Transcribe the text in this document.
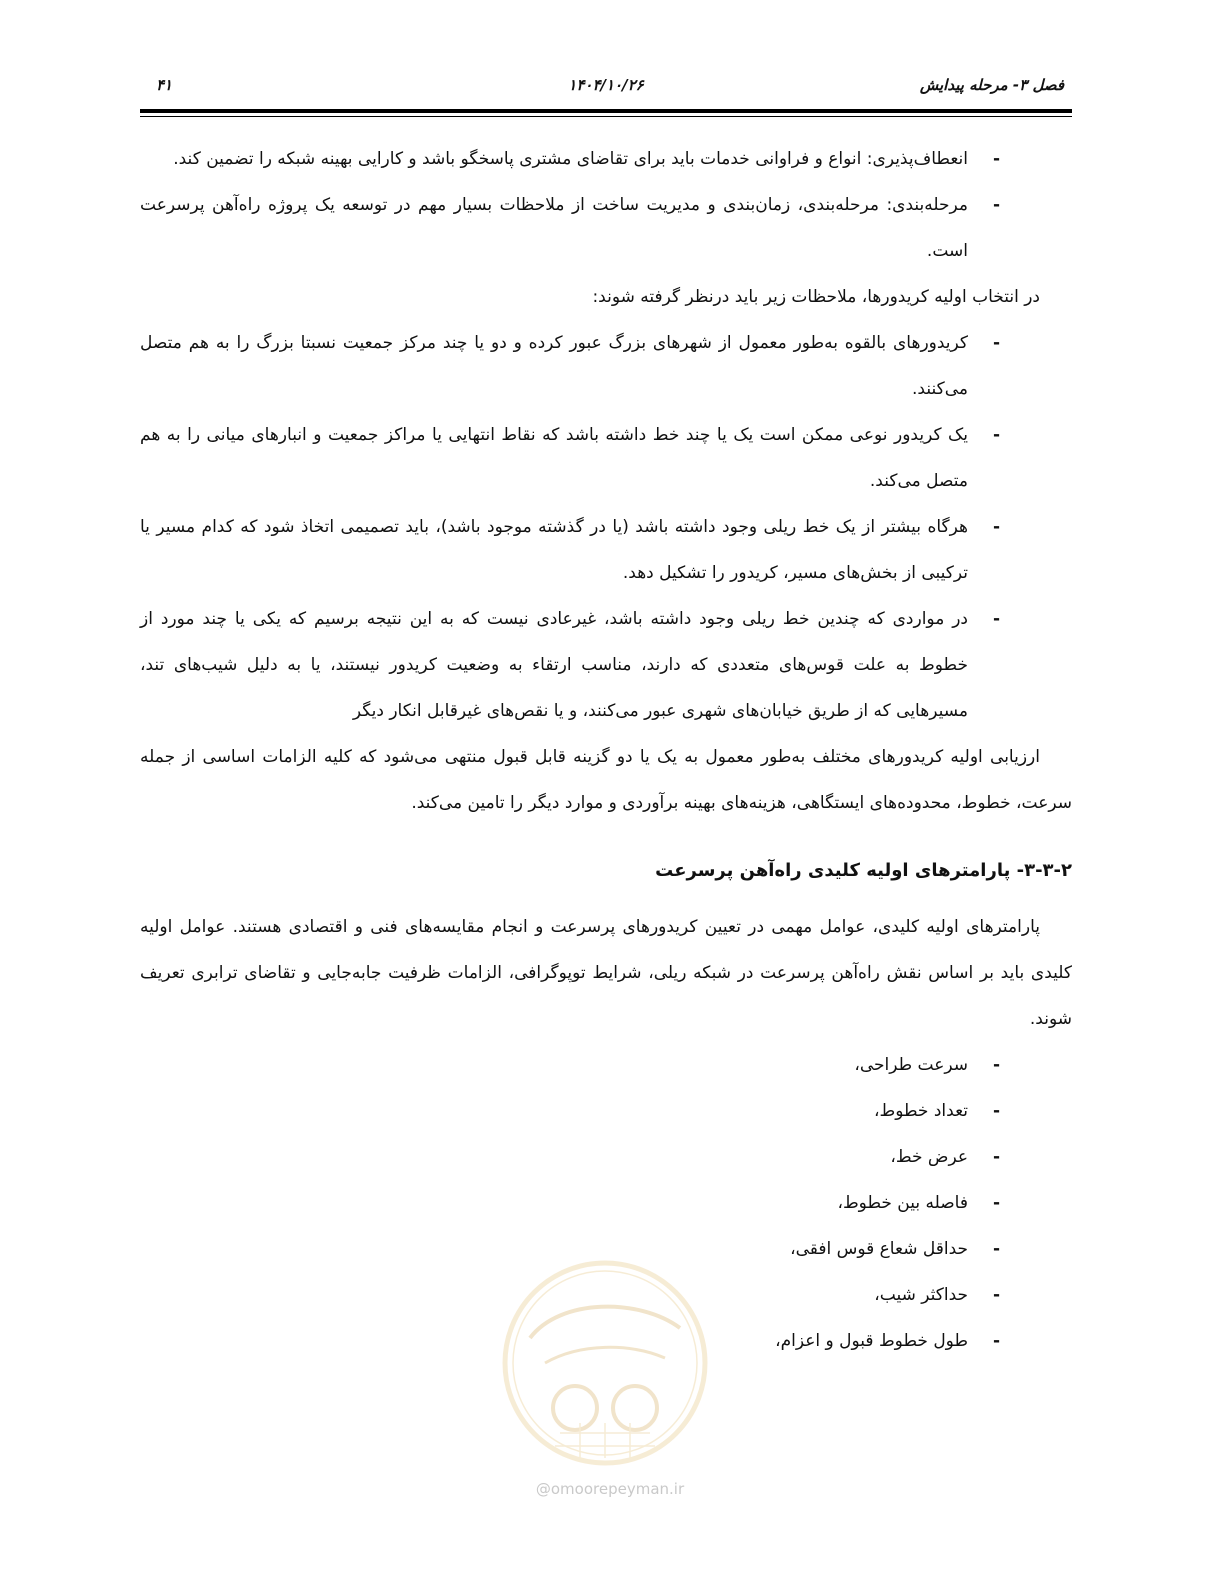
فصل ۳- مرحله پیدایش
۱۴۰۴/۱۰/۲۶
۴۱
- انعطاف‌پذیری: انواع و فراوانی خدمات باید برای تقاضای مشتری پاسخگو باشد و کارایی بهینه شبکه را تضمین کند.
- مرحله‌بندی: مرحله‌بندی، زمان‌بندی و مدیریت ساخت از ملاحظات بسیار مهم در توسعه یک پروژه راه‌آهن پرسرعت است.

در انتخاب اولیه کریدورها، ملاحظات زیر باید درنظر گرفته شوند:

- کریدورهای بالقوه به‌طور معمول از شهرهای بزرگ عبور کرده و دو یا چند مرکز جمعیت نسبتا بزرگ را به هم متصل می‌کنند.
- یک کریدور نوعی ممکن است یک یا چند خط داشته باشد که نقاط انتهایی یا مراکز جمعیت و انبارهای میانی را به هم متصل می‌کند.
- هرگاه بیشتر از یک خط ریلی وجود داشته باشد (یا در گذشته موجود باشد)، باید تصمیمی اتخاذ شود که کدام مسیر یا ترکیبی از بخش‌های مسیر، کریدور را تشکیل دهد.
- در مواردی که چندین خط ریلی وجود داشته باشد، غیرعادی نیست که به این نتیجه برسیم که یکی یا چند مورد از خطوط به علت قوس‌های متعددی که دارند، مناسب ارتقاء به وضعیت کریدور نیستند، یا به دلیل شیب‌های تند، مسیرهایی که از طریق خیابان‌های شهری عبور می‌کنند، و یا نقص‌های غیرقابل انکار دیگر

ارزیابی اولیه کریدورهای مختلف به‌طور معمول به یک یا دو گزینه قابل قبول منتهی می‌شود که کلیه الزامات اساسی از جمله سرعت، خطوط، محدوده‌های ایستگاهی، هزینه‌های بهینه برآوردی و موارد دیگر را تامین می‌کند.

۳-۳-۲- پارامترهای اولیه کلیدی راه‌آهن پرسرعت

پارامترهای اولیه کلیدی، عوامل مهمی در تعیین کریدورهای پرسرعت و انجام مقایسه‌های فنی و اقتصادی هستند. عوامل اولیه کلیدی باید بر اساس نقش راه‌آهن پرسرعت در شبکه ریلی، شرایط توپوگرافی، الزامات ظرفیت جابه‌جایی و تقاضای ترابری تعریف شوند.

- سرعت طراحی،
- تعداد خطوط،
- عرض خط،
- فاصله بین خطوط،
- حداقل شعاع قوس افقی،
- حداکثر شیب،
- طول خطوط قبول و اعزام،
@omoorepeyman.ir
